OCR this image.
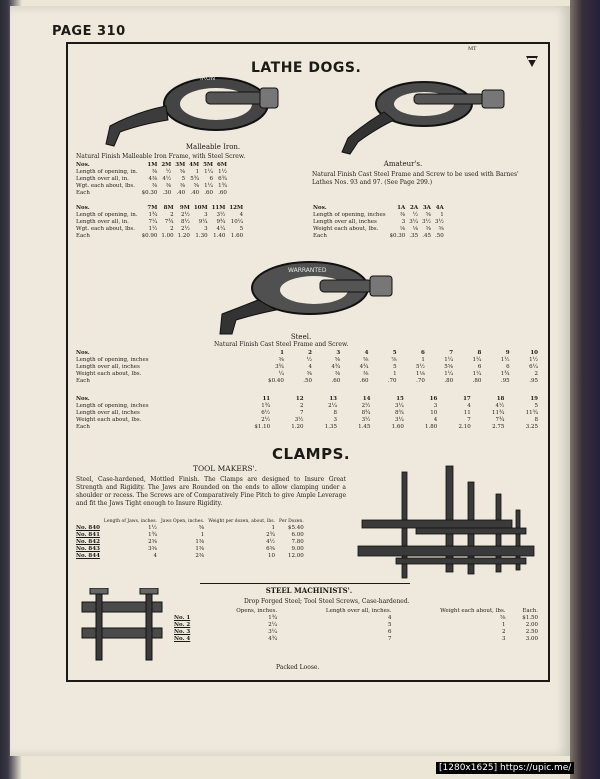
PAGE 310
MT
LATHE DOGS.
IRON
Malleable Iron.
Natural Finish Malleable Iron Frame, with Steel Screw.
Nos.	1M	2M	3M	4M	5M	6M
Length of opening, in.	⅜	½	⅝	1	1¼	1½
Length over all, in.	4⅜	4½	5	5¾	6	6¾
Wgt. each about, lbs.	⅜	⅜	⅜	⅝	1¼	1¾
Each	$0.30	.30	.40	.40	.60	.60
Nos.	7M	8M	9M	10M	11M	12M
Length of opening, in.	1¾	2	2½	3	3½	4
Length over all, in.	7¼	7¾	8½	9¼	9¾	10¼
Wgt. each about, lbs.	1½	2	2½	3	4¼	5
Each	$0.90	1.00	1.20	1.30	1.40	1.60
Amateur's.
Natural Finish Cast Steel Frame and Screw to be used with Barnes' Lathes Nos. 93 and 97. (See Page 299.)
Nos.	1A	2A	3A	4A
Length of opening, inches	⅜	½	⅝	1
Length over all, inches	3	3¼	3½	3½
Weight each about, lbs.	⅛	⅛	⅜	⅜
Each	$0.30	.35	.45	.50
WARRANTED
Steel.
Natural Finish Cast Steel Frame and Screw.
Nos.	1	2	3	4	5	6	7	8	9	10
Length of opening, inches	⅜	½	⅝	⅝	⅞	1	1¼	1¼	1½	1½
Length over all, inches	3¾	4	4¾	4¾	5	5½	5⅝	6	6	6¼
Weight each about, lbs.	¼	⅜	⅜	⅜	1	1⅛	1¼	1¼	1¾	2
Each	$0.40	.50	.60	.60	.70	.70	.80	.80	.95	.95
Nos.	11	12	13	14	15	16	17	18	19
Length of opening, inches	1¾	2	2¼	2½	3¼	3	4	4½	5
Length over all, inches	6½	7	8	8¾	8¾	10	11	11¾	11¾
Weight each about, lbs.	2½	3½	3	3½	3¼	4	7	7¾	8
Each	$1.10	1.20	1.35	1.45	1.60	1.80	2.10	2.75	3.25
CLAMPS.
TOOL MAKERS'.
Steel, Case-hardened, Mottled Finish. The Clamps are designed to Insure Great Strength and Rigidity. The Jaws are Rounded on the ends to allow clamping under a shoulder or recess. The Screws are of Comparatively Fine Pitch to give Ample Leverage and fit the Jaws Tight enough to Insure Rigidity.
	Length of Jaws, inches.	Jaws Open, inches.	Weight per dozen, about, lbs.	Per Dozen.
No. 840	1½	⅝	1	$5.40
No. 841	1¾	1	2¾	6.00
No. 842	2⅜	1⅜	4½	7.80
No. 843	3⅜	1⅜	6⅜	9.00
No. 844	4	2⅜	10	12.00
STEEL MACHINISTS'.
Drop Forged Steel; Tool Steel Screws, Case-hardened.
	Opens, inches.	Length over all, inches.	Weight each about, lbs.	Each.
No. 1	1¾	4	⅝	$1.50
No. 2	2¼	5	1	2.00
No. 3	3¼	6	2	2.50
No. 4	4¾	7	3	3.00
Packed Loose.
[1280x1625] https://upic.me/
